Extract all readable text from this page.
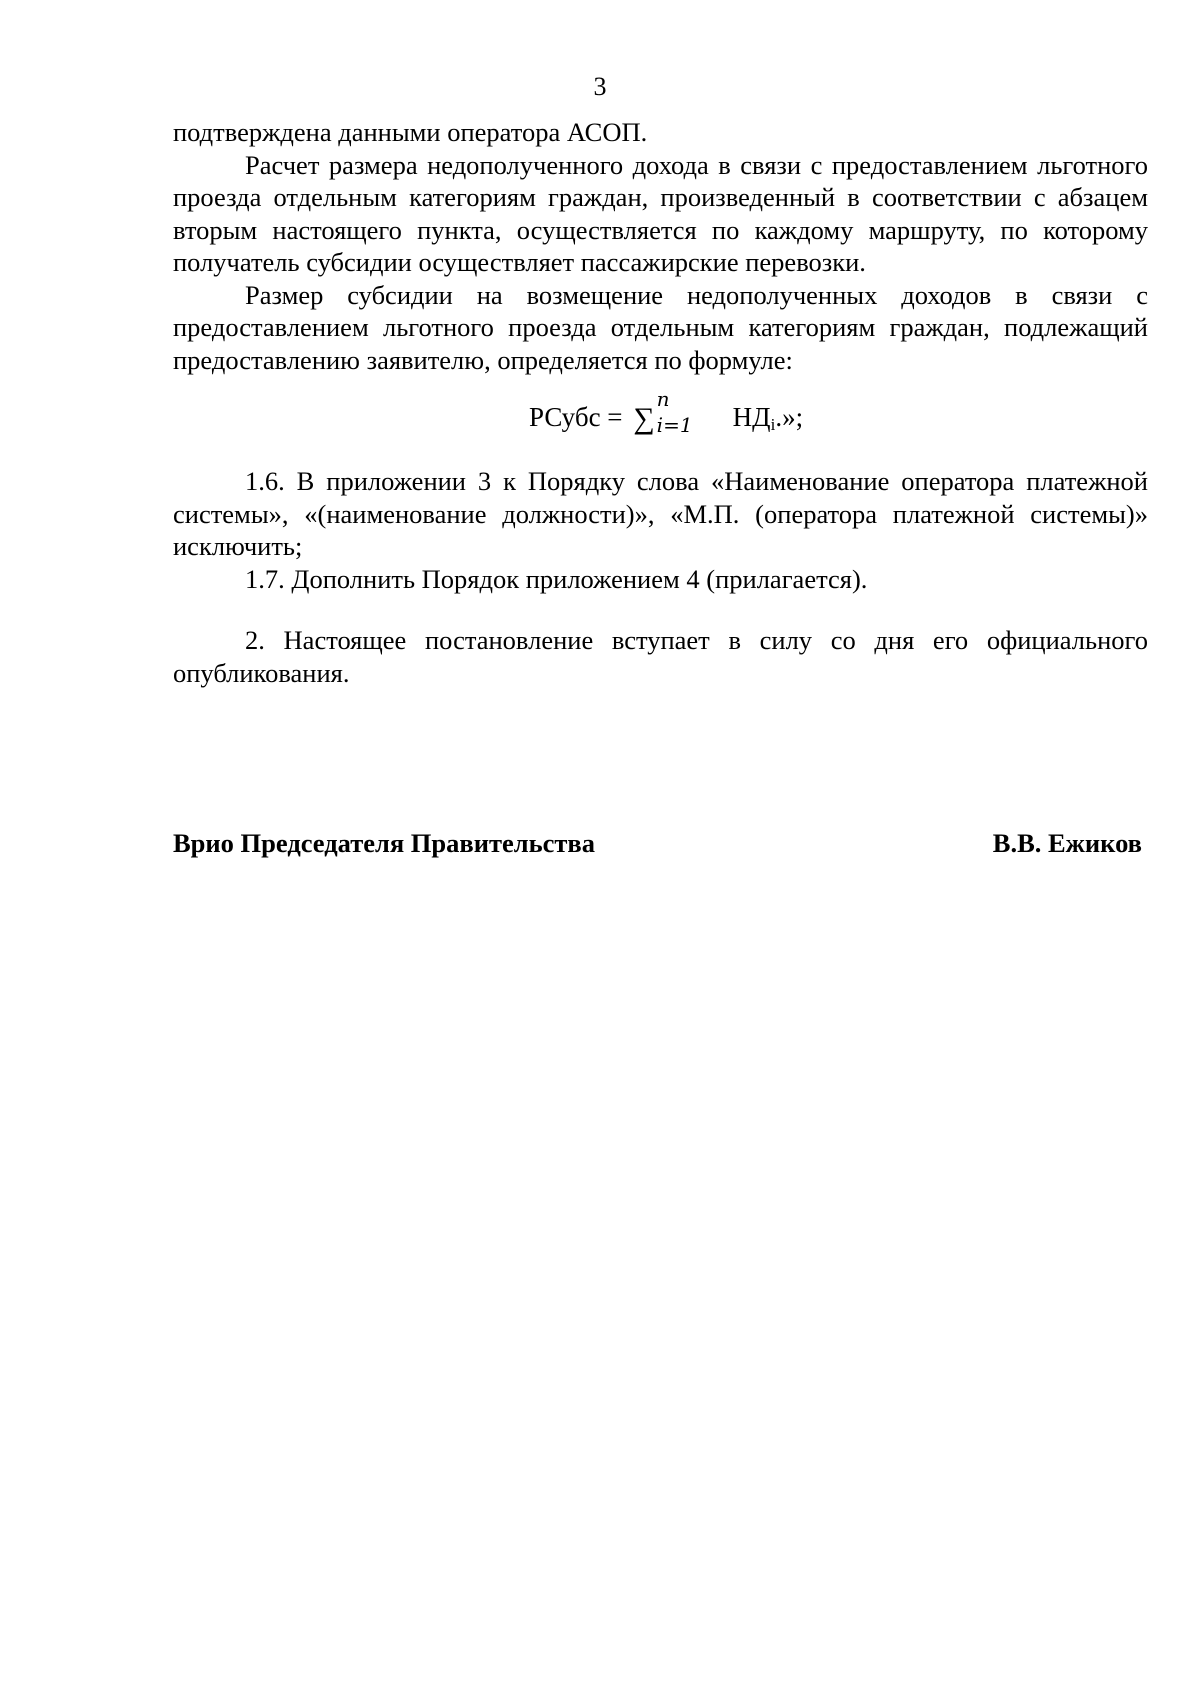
3

подтверждена данными оператора АСОП.

Расчет размера недополученного дохода в связи с предоставлением льготного проезда отдельным категориям граждан, произведенный в соответствии с абзацем вторым настоящего пункта, осуществляется по каждому маршруту, по которому получатель субсидии осуществляет пассажирские перевозки.

Размер субсидии на возмещение недополученных доходов в связи с предоставлением льготного проезда отдельным категориям граждан, подлежащий предоставлению заявителю, определяется по формуле:

РСубс = ∑
n
i=1 НДi.»;

1.6. В приложении 3 к Порядку слова «Наименование оператора платежной системы», «(наименование должности)», «М.П. (оператора платежной системы)» исключить;

1.7. Дополнить Порядок приложением 4 (прилагается).

2. Настоящее постановление вступает в силу со дня его официального опубликования.

Врио Председателя Правительства	В.В. Ежиков
